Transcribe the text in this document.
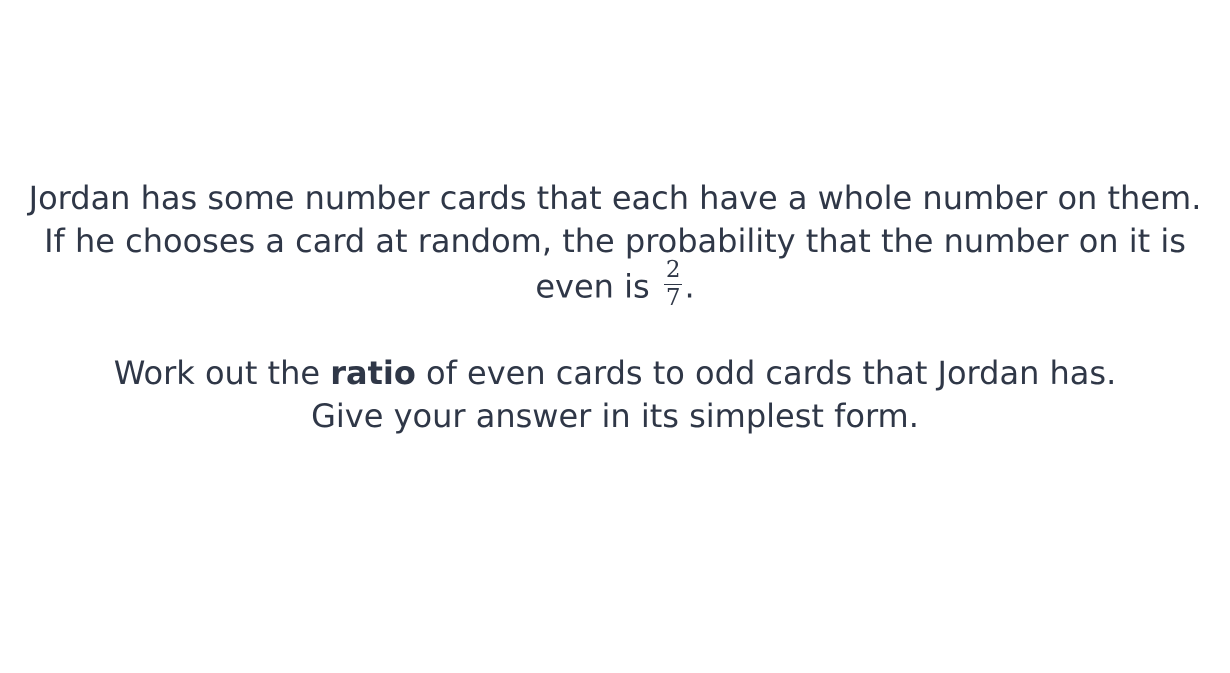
Jordan has some number cards that each have a whole number on them.

If he chooses a card at random, the probability that the number on it is even is $\frac{2}{7}$ .

Work out the ratio of even cards to odd cards that Jordan has.

Give your answer in its simplest form.
